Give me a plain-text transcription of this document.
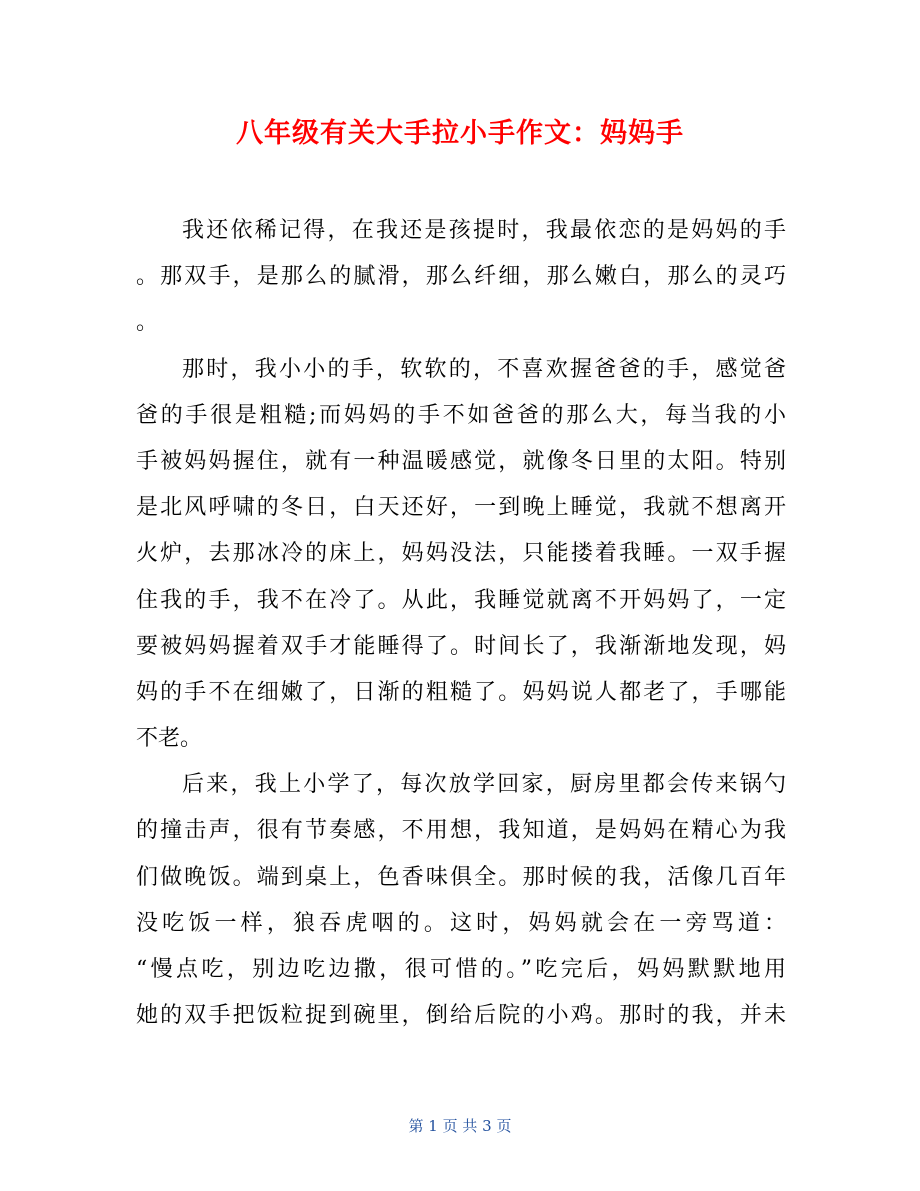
八年级有关大手拉小手作文：妈妈手

我还依稀记得，在我还是孩提时，我最依恋的是妈妈的手

。那双手，是那么的腻滑，那么纤细，那么嫩白，那么的灵巧

。

那时，我小小的手，软软的，不喜欢握爸爸的手，感觉爸

爸的手很是粗糙;而妈妈的手不如爸爸的那么大，每当我的小

手被妈妈握住，就有一种温暖感觉，就像冬日里的太阳。特别

是北风呼啸的冬日，白天还好，一到晚上睡觉，我就不想离开

火炉，去那冰冷的床上，妈妈没法，只能搂着我睡。一双手握

住我的手，我不在冷了。从此，我睡觉就离不开妈妈了，一定

要被妈妈握着双手才能睡得了。时间长了，我渐渐地发现，妈

妈的手不在细嫩了，日渐的粗糙了。妈妈说人都老了，手哪能

不老。

后来，我上小学了，每次放学回家，厨房里都会传来锅勺

的撞击声，很有节奏感，不用想，我知道，是妈妈在精心为我

们做晚饭。端到桌上，色香味俱全。那时候的我，活像几百年

没吃饭一样，狼吞虎咽的。这时，妈妈就会在一旁骂道：

“慢点吃，别边吃边撒，很可惜的。”吃完后，妈妈默默地用

她的双手把饭粒捉到碗里，倒给后院的小鸡。那时的我，并未

第 1 页 共 3 页
